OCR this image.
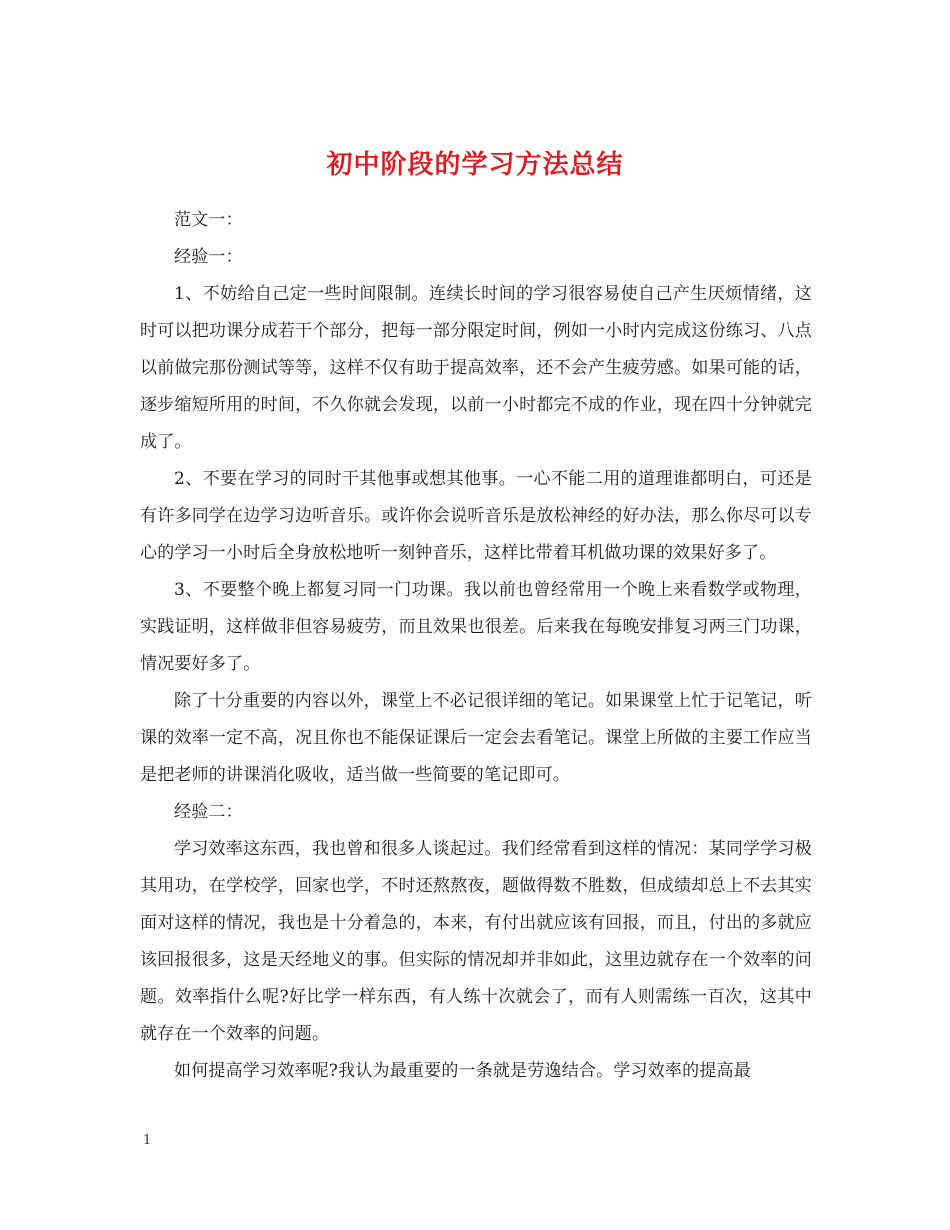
初中阶段的学习方法总结

范文一：

经验一：

1、不妨给自己定一些时间限制。连续长时间的学习很容易使自己产生厌烦情绪，这时可以把功课分成若干个部分，把每一部分限定时间，例如一小时内完成这份练习、八点以前做完那份测试等等，这样不仅有助于提高效率，还不会产生疲劳感。如果可能的话，逐步缩短所用的时间，不久你就会发现，以前一小时都完不成的作业，现在四十分钟就完成了。

2、不要在学习的同时干其他事或想其他事。一心不能二用的道理谁都明白，可还是有许多同学在边学习边听音乐。或许你会说听音乐是放松神经的好办法，那么你尽可以专心的学习一小时后全身放松地听一刻钟音乐，这样比带着耳机做功课的效果好多了。

3、不要整个晚上都复习同一门功课。我以前也曾经常用一个晚上来看数学或物理，实践证明，这样做非但容易疲劳，而且效果也很差。后来我在每晚安排复习两三门功课，情况要好多了。

除了十分重要的内容以外，课堂上不必记很详细的笔记。如果课堂上忙于记笔记，听课的效率一定不高，况且你也不能保证课后一定会去看笔记。课堂上所做的主要工作应当是把老师的讲课消化吸收，适当做一些简要的笔记即可。

经验二：

学习效率这东西，我也曾和很多人谈起过。我们经常看到这样的情况：某同学学习极其用功，在学校学，回家也学，不时还熬熬夜，题做得数不胜数，但成绩却总上不去其实面对这样的情况，我也是十分着急的，本来，有付出就应该有回报，而且，付出的多就应该回报很多，这是天经地义的事。但实际的情况却并非如此，这里边就存在一个效率的问题。效率指什么呢?好比学一样东西，有人练十次就会了，而有人则需练一百次，这其中就存在一个效率的问题。

如何提高学习效率呢?我认为最重要的一条就是劳逸结合。学习效率的提高最

1
